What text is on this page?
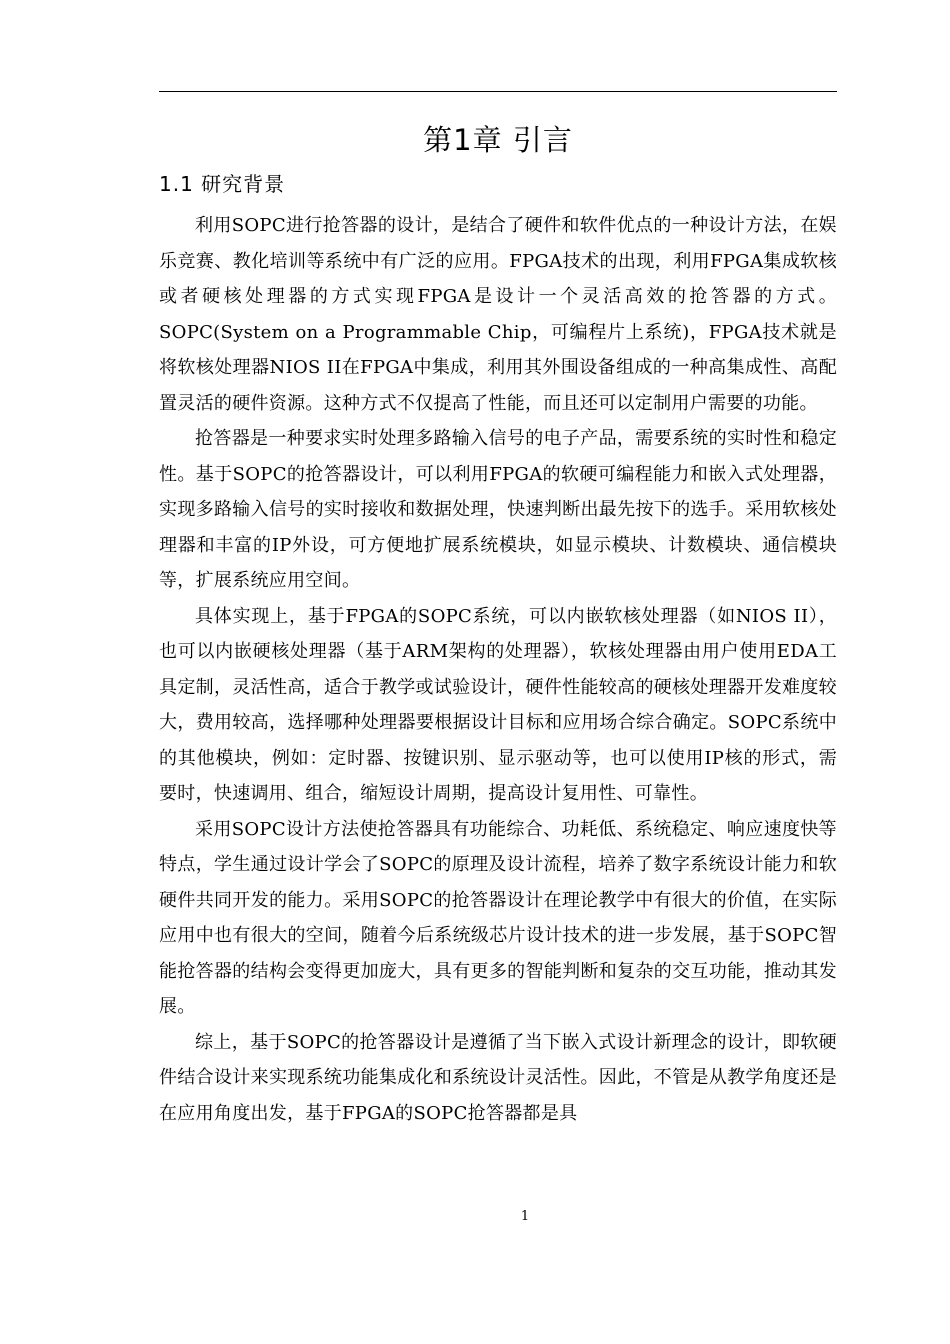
第1章 引言
1.1 研究背景

利用SOPC进行抢答器的设计，是结合了硬件和软件优点的一种设计方法，在娱乐竞赛、教化培训等系统中有广泛的应用。FPGA技术的出现，利用FPGA集成软核或者硬核处理器的方式实现FPGA是设计一个灵活高效的抢答器的方式。SOPC(System on a Programmable Chip，可编程片上系统)，FPGA技术就是将软核处理器NIOS II在FPGA中集成，利用其外围设备组成的一种高集成性、高配置灵活的硬件资源。这种方式不仅提高了性能，而且还可以定制用户需要的功能。

抢答器是一种要求实时处理多路输入信号的电子产品，需要系统的实时性和稳定性。基于SOPC的抢答器设计，可以利用FPGA的软硬可编程能力和嵌入式处理器，实现多路输入信号的实时接收和数据处理，快速判断出最先按下的选手。采用软核处理器和丰富的IP外设，可方便地扩展系统模块，如显示模块、计数模块、通信模块等，扩展系统应用空间。

具体实现上，基于FPGA的SOPC系统，可以内嵌软核处理器（如NIOS II），也可以内嵌硬核处理器（基于ARM架构的处理器），软核处理器由用户使用EDA工具定制，灵活性高，适合于教学或试验设计，硬件性能较高的硬核处理器开发难度较大，费用较高，选择哪种处理器要根据设计目标和应用场合综合确定。SOPC系统中的其他模块，例如：定时器、按键识别、显示驱动等，也可以使用IP核的形式，需要时，快速调用、组合，缩短设计周期，提高设计复用性、可靠性。

采用SOPC设计方法使抢答器具有功能综合、功耗低、系统稳定、响应速度快等特点，学生通过设计学会了SOPC的原理及设计流程，培养了数字系统设计能力和软硬件共同开发的能力。采用SOPC的抢答器设计在理论教学中有很大的价值，在实际应用中也有很大的空间，随着今后系统级芯片设计技术的进一步发展，基于SOPC智能抢答器的结构会变得更加庞大，具有更多的智能判断和复杂的交互功能，推动其发展。

综上，基于SOPC的抢答器设计是遵循了当下嵌入式设计新理念的设计，即软硬件结合设计来实现系统功能集成化和系统设计灵活性。因此，不管是从教学角度还是在应用角度出发，基于FPGA的SOPC抢答器都是具

1
